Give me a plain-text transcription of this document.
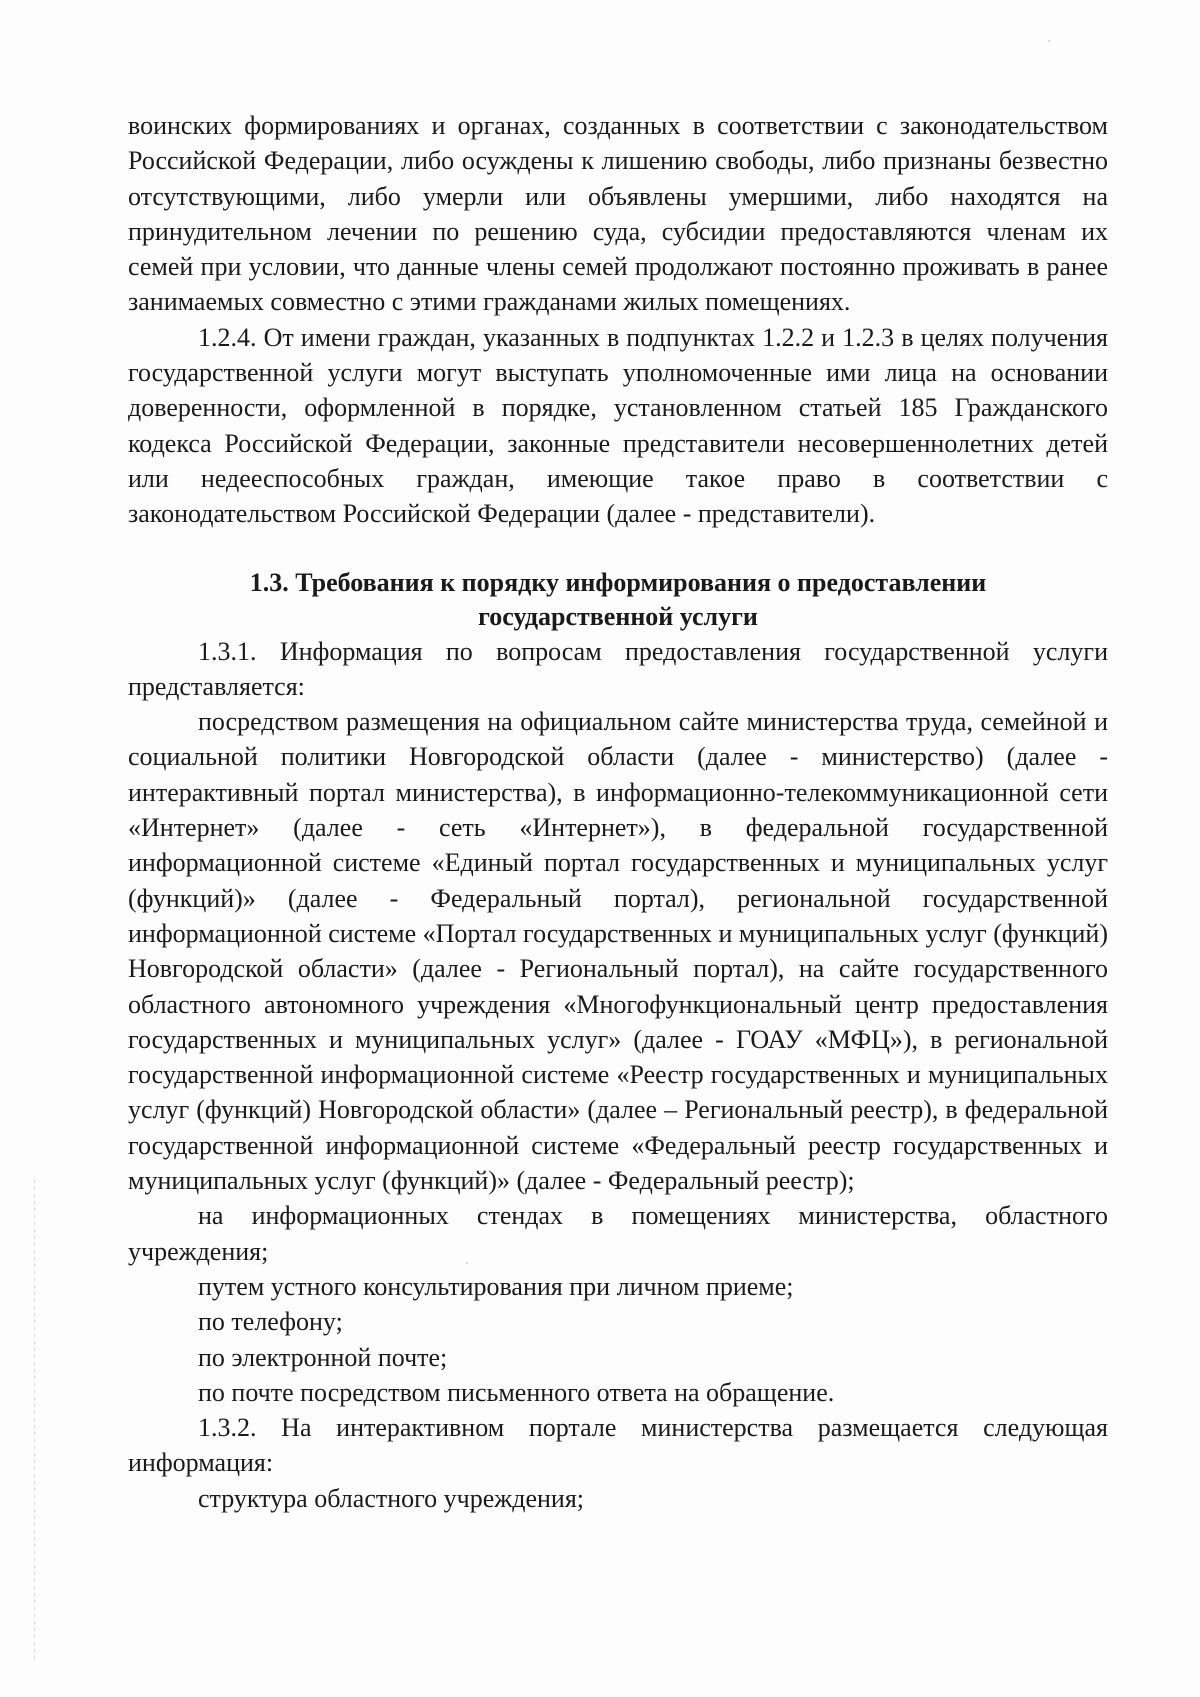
воинских формированиях и органах, созданных в соответствии с законодательством Российской Федерации, либо осуждены к лишению свободы, либо признаны безвестно отсутствующими, либо умерли или объявлены умершими, либо находятся на принудительном лечении по решению суда, субсидии предоставляются членам их семей при условии, что данные члены семей продолжают постоянно проживать в ранее занимаемых совместно с этими гражданами жилых помещениях.

1.2.4. От имени граждан, указанных в подпунктах 1.2.2 и 1.2.3 в целях получения государственной услуги могут выступать уполномоченные ими лица на основании доверенности, оформленной в порядке, установленном статьей 185 Гражданского кодекса Российской Федерации, законные представители несовершеннолетних детей или недееспособных граждан, имеющие такое право в соответствии с законодательством Российской Федерации (далее - представители).

1.3. Требования к порядку информирования о предоставлении
государственной услуги

1.3.1. Информация по вопросам предоставления государственной услуги представляется:

посредством размещения на официальном сайте министерства труда, семейной и социальной политики Новгородской области (далее - министерство) (далее - интерактивный портал министерства), в информационно-телекоммуникационной сети «Интернет» (далее - сеть «Интернет»), в федеральной государственной информационной системе «Единый портал государственных и муниципальных услуг (функций)» (далее - Федеральный портал), региональной государственной информационной системе «Портал государственных и муниципальных услуг (функций) Новгородской области» (далее - Региональный портал), на сайте государственного областного автономного учреждения «Многофункциональный центр предоставления государственных и муниципальных услуг» (далее - ГОАУ «МФЦ»), в региональной государственной информационной системе «Реестр государственных и муниципальных услуг (функций) Новгородской области» (далее – Региональный реестр), в федеральной государственной информационной системе «Федеральный реестр государственных и муниципальных услуг (функций)» (далее - Федеральный реестр);

на информационных стендах в помещениях министерства, областного учреждения;

путем устного консультирования при личном приеме;

по телефону;

по электронной почте;

по почте посредством письменного ответа на обращение.

1.3.2. На интерактивном портале министерства размещается следующая информация:

структура областного учреждения;
